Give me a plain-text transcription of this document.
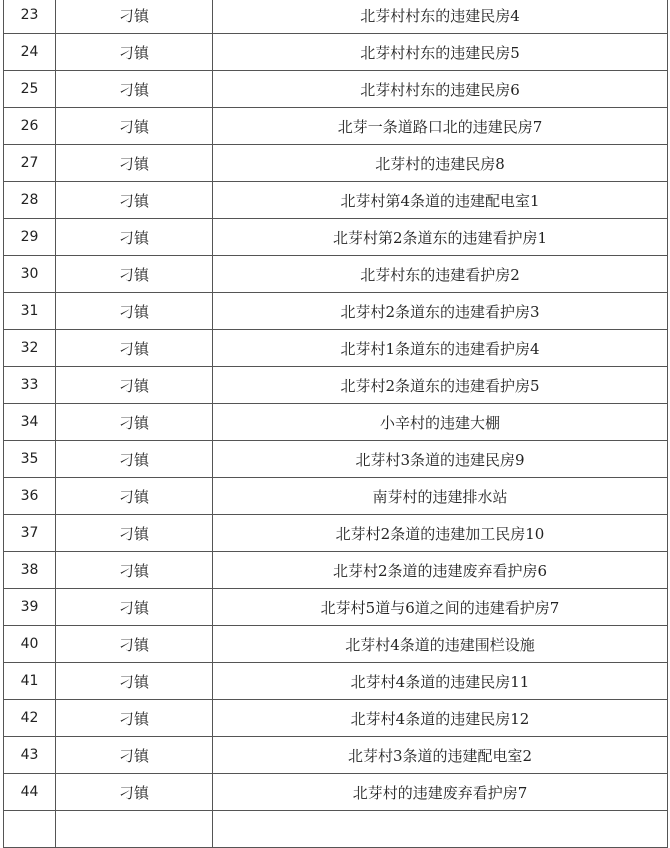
23	刁镇	北芽村村东的违建民房4
24	刁镇	北芽村村东的违建民房5
25	刁镇	北芽村村东的违建民房6
26	刁镇	北芽一条道路口北的违建民房7
27	刁镇	北芽村的违建民房8
28	刁镇	北芽村第4条道的违建配电室1
29	刁镇	北芽村第2条道东的违建看护房1
30	刁镇	北芽村东的违建看护房2
31	刁镇	北芽村2条道东的违建看护房3
32	刁镇	北芽村1条道东的违建看护房4
33	刁镇	北芽村2条道东的违建看护房5
34	刁镇	小辛村的违建大棚
35	刁镇	北芽村3条道的违建民房9
36	刁镇	南芽村的违建排水站
37	刁镇	北芽村2条道的违建加工民房10
38	刁镇	北芽村2条道的违建废弃看护房6
39	刁镇	北芽村5道与6道之间的违建看护房7
40	刁镇	北芽村4条道的违建围栏设施
41	刁镇	北芽村4条道的违建民房11
42	刁镇	北芽村4条道的违建民房12
43	刁镇	北芽村3条道的违建配电室2
44	刁镇	北芽村的违建废弃看护房7
